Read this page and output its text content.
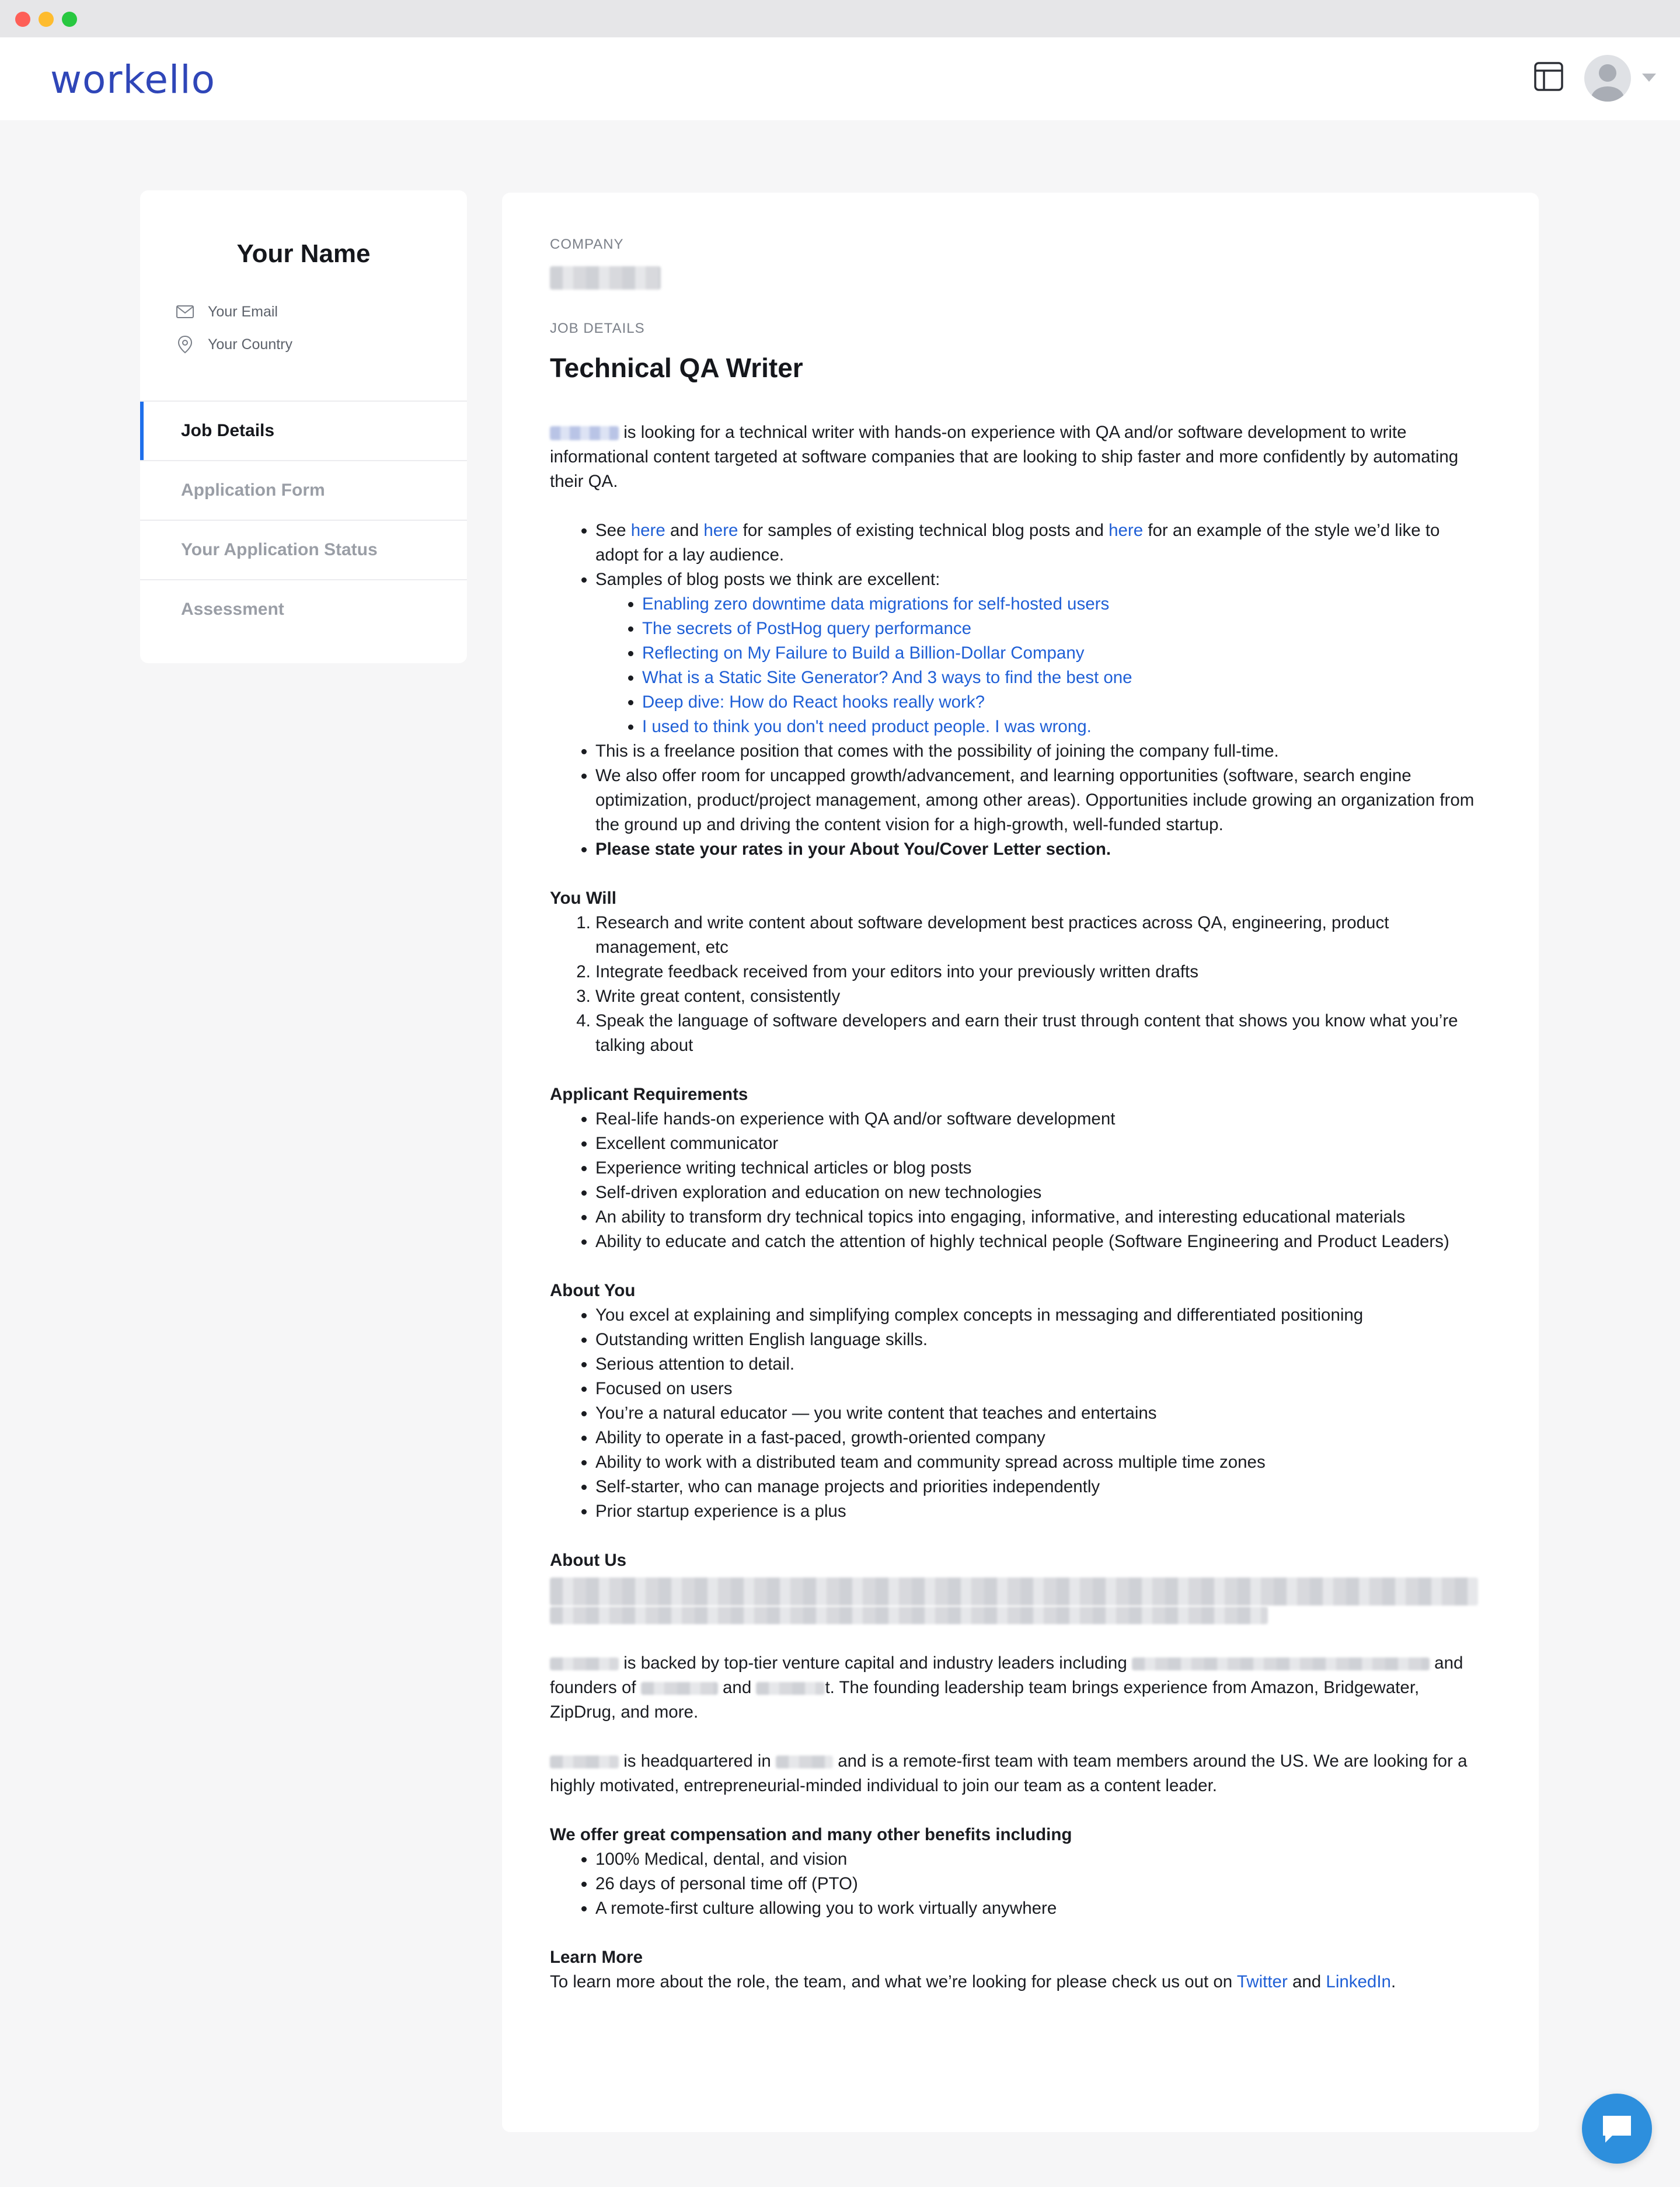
workello
Your Name
Your Email
Your Country
Job Details
Application Form
Your Application Status
Assessment
COMPANY
JOB DETAILS
Technical QA Writer

is looking for a technical writer with hands-on experience with QA and/or software development to write informational content targeted at software companies that are looking to ship faster and more confidently by automating their QA.

• See here and here for samples of existing technical blog posts and here for an example of the style we’d like to adopt for a lay audience.
• Samples of blog posts we think are excellent:
• Enabling zero downtime data migrations for self-hosted users
• The secrets of PostHog query performance
• Reflecting on My Failure to Build a Billion-Dollar Company
• What is a Static Site Generator? And 3 ways to find the best one
• Deep dive: How do React hooks really work?
• I used to think you don't need product people. I was wrong.
• This is a freelance position that comes with the possibility of joining the company full-time.
• We also offer room for uncapped growth/advancement, and learning opportunities (software, search engine optimization, product/project management, among other areas). Opportunities include growing an organization from the ground up and driving the content vision for a high-growth, well-funded startup.
• Please state your rates in your About You/Cover Letter section.
You Will
1. Research and write content about software development best practices across QA, engineering, product management, etc
2. Integrate feedback received from your editors into your previously written drafts
3. Write great content, consistently
4. Speak the language of software developers and earn their trust through content that shows you know what you’re talking about
Applicant Requirements
• Real-life hands-on experience with QA and/or software development
• Excellent communicator
• Experience writing technical articles or blog posts
• Self-driven exploration and education on new technologies
• An ability to transform dry technical topics into engaging, informative, and interesting educational materials
• Ability to educate and catch the attention of highly technical people (Software Engineering and Product Leaders)
About You
• You excel at explaining and simplifying complex concepts in messaging and differentiated positioning
• Outstanding written English language skills.
• Serious attention to detail.
• Focused on users
• You’re a natural educator — you write content that teaches and entertains
• Ability to operate in a fast-paced, growth-oriented company
• Ability to work with a distributed team and community spread across multiple time zones
• Self-starter, who can manage projects and priorities independently
• Prior startup experience is a plus
About Us

is backed by top-tier venture capital and industry leaders including	and founders of	and	t. The founding leadership team brings experience from Amazon, Bridgewater, ZipDrug, and more.

is headquartered in	and is a remote-first team with team members around the US. We are looking for a highly motivated, entrepreneurial-minded individual to join our team as a content leader.

We offer great compensation and many other benefits including
• 100% Medical, dental, and vision
• 26 days of personal time off (PTO)
• A remote-first culture allowing you to work virtually anywhere
Learn More

To learn more about the role, the team, and what we’re looking for please check us out on Twitter and LinkedIn.
